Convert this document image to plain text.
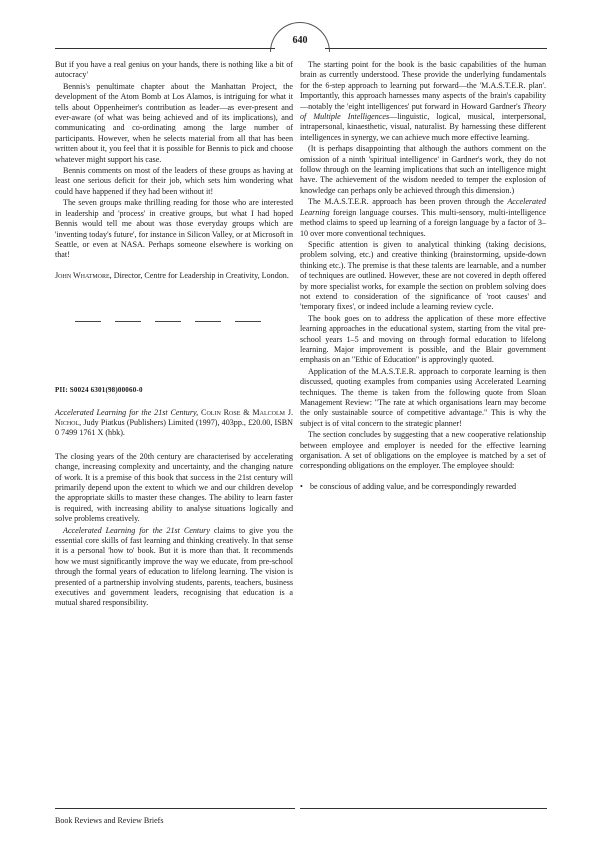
640

But if you have a real genius on your hands, there is nothing like a bit of autocracy'

Bennis's penultimate chapter about the Manhattan Project, the development of the Atom Bomb at Los Alamos, is intriguing for what it tells about Oppenheimer's contribution as leader—as ever-present and ever-aware (of what was being achieved and of its implications), and communicating and co-ordinating among the large number of participants. However, when he selects material from all that has been written about it, you feel that it is possible for Bennis to pick and choose whatever might support his case.

Bennis comments on most of the leaders of these groups as having at least one serious deficit for their job, which sets him wondering what could have happened if they had been without it!

The seven groups make thrilling reading for those who are interested in leadership and 'process' in creative groups, but what I had hoped Bennis would tell me about was those everyday groups which are 'inventing today's future', for instance in Silicon Valley, or at Microsoft in Seattle, or even at NASA. Perhaps someone elsewhere is working on that!

John Whatmore, Director, Centre for Leadership in Creativity, London.

PII: S0024 6301(98)00060-0

Accelerated Learning for the 21st Century, Colin Rose & Malcolm J. Nichol, Judy Piatkus (Publishers) Limited (1997), 403pp., £20.00, ISBN 0 7499 1761 X (hbk).

The closing years of the 20th century are characterised by accelerating change, increasing complexity and uncertainty, and the changing nature of work. It is a premise of this book that success in the 21st century will primarily depend upon the extent to which we and our children develop the appropriate skills to master these changes. The ability to learn faster is required, with increasing ability to analyse situations logically and solve problems creatively.

Accelerated Learning for the 21st Century claims to give you the essential core skills of fast learning and thinking creatively. In that sense it is a personal 'how to' book. But it is more than that. It recommends how we must significantly improve the way we educate, from pre-school through the formal years of education to lifelong learning. The vision is presented of a partnership involving students, parents, teachers, business executives and government leaders, recognising that education is a mutual shared responsibility.

The starting point for the book is the basic capabilities of the human brain as currently understood. These provide the underlying fundamentals for the 6-step approach to learning put forward—the 'M.A.S.T.E.R. plan'. Importantly, this approach harnesses many aspects of the brain's capability—notably the 'eight intelligences' put forward in Howard Gardner's Theory of Multiple Intelligences—linguistic, logical, musical, interpersonal, intrapersonal, kinaesthetic, visual, naturalist. By harnessing these different intelligences in synergy, we can achieve much more effective learning.

(It is perhaps disappointing that although the authors comment on the omission of a ninth 'spiritual intelligence' in Gardner's work, they do not follow through on the learning implications that such an intelligence might have. The achievement of the wisdom needed to temper the explosion of knowledge can perhaps only be achieved through this dimension.)

The M.A.S.T.E.R. approach has been proven through the Accelerated Learning foreign language courses. This multi-sensory, multi-intelligence method claims to speed up learning of a foreign language by a factor of 3–10 over more conventional techniques.

Specific attention is given to analytical thinking (taking decisions, problem solving, etc.) and creative thinking (brainstorming, upside-down thinking etc.). The premise is that these talents are learnable, and a number of techniques are outlined. However, these are not covered in depth offered by more specialist works, for example the section on problem solving does not extend to consideration of the significance of 'root causes' and 'temporary fixes', or indeed include a learning review cycle.

The book goes on to address the application of these more effective learning approaches in the educational system, starting from the vital pre-school years 1–5 and moving on through formal education to lifelong learning. Major improvement is possible, and the Blair government emphasis on an "Ethic of Education" is approvingly quoted.

Application of the M.A.S.T.E.R. approach to corporate learning is then discussed, quoting examples from companies using Accelerated Learning techniques. The theme is taken from the following quote from Sloan Management Review: "The rate at which organisations learn may become the only sustainable source of competitive advantage." This is why the subject is of vital concern to the strategic planner!

The section concludes by suggesting that a new cooperative relationship between employee and employer is needed for the effective learning organisation. A set of obligations on the employee is matched by a set of corresponding obligations on the employer. The employee should:

• be conscious of adding value, and be correspondingly rewarded
Book Reviews and Review Briefs
